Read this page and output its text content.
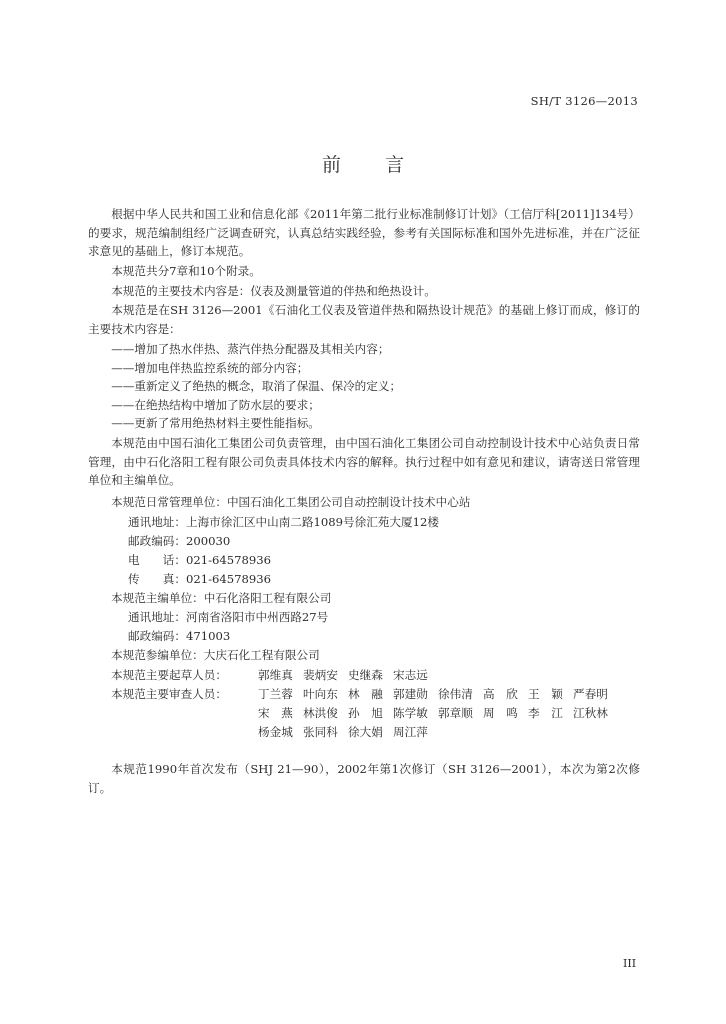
SH/T 3126—2013
前言
根据中华人民共和国工业和信息化部《2011年第二批行业标准制修订计划》（工信厅科[2011]134号）的要求，规范编制组经广泛调查研究，认真总结实践经验，参考有关国际标准和国外先进标准，并在广泛征求意见的基础上，修订本规范。
本规范共分7章和10个附录。
本规范的主要技术内容是：仪表及测量管道的伴热和绝热设计。
本规范是在SH 3126—2001《石油化工仪表及管道伴热和隔热设计规范》的基础上修订而成，修订的主要技术内容是：
——增加了热水伴热、蒸汽伴热分配器及其相关内容；
——增加电伴热监控系统的部分内容；
——重新定义了绝热的概念，取消了保温、保冷的定义；
——在绝热结构中增加了防水层的要求；
——更新了常用绝热材料主要性能指标。
本规范由中国石油化工集团公司负责管理，由中国石油化工集团公司自动控制设计技术中心站负责日常管理，由中石化洛阳工程有限公司负责具体技术内容的解释。执行过程中如有意见和建议，请寄送日常管理单位和主编单位。
本规范日常管理单位：中国石油化工集团公司自动控制设计技术中心站
通讯地址：上海市徐汇区中山南二路1089号徐汇苑大厦12楼
邮政编码：200030
电　　话：021-64578936
传　　真：021-64578936
本规范主编单位：中石化洛阳工程有限公司
通讯地址：河南省洛阳市中州西路27号
邮政编码：471003
本规范参编单位：大庆石化工程有限公司
本规范主要起草人员：	郭维真 裴炳安 史继森 宋志远
本规范主要审查人员：	丁兰蓉 叶向东 林　融 郭建勋 徐伟清 高　欣 王　颖 严春明
宋　燕 林洪俊 孙　旭 陈学敏 郭章顺 周　鸣 李　江 江秋林
杨金城 张同科 徐大娟 周江萍
本规范1990年首次发布（SHJ 21—90），2002年第1次修订（SH 3126—2001），本次为第2次修订。
III
